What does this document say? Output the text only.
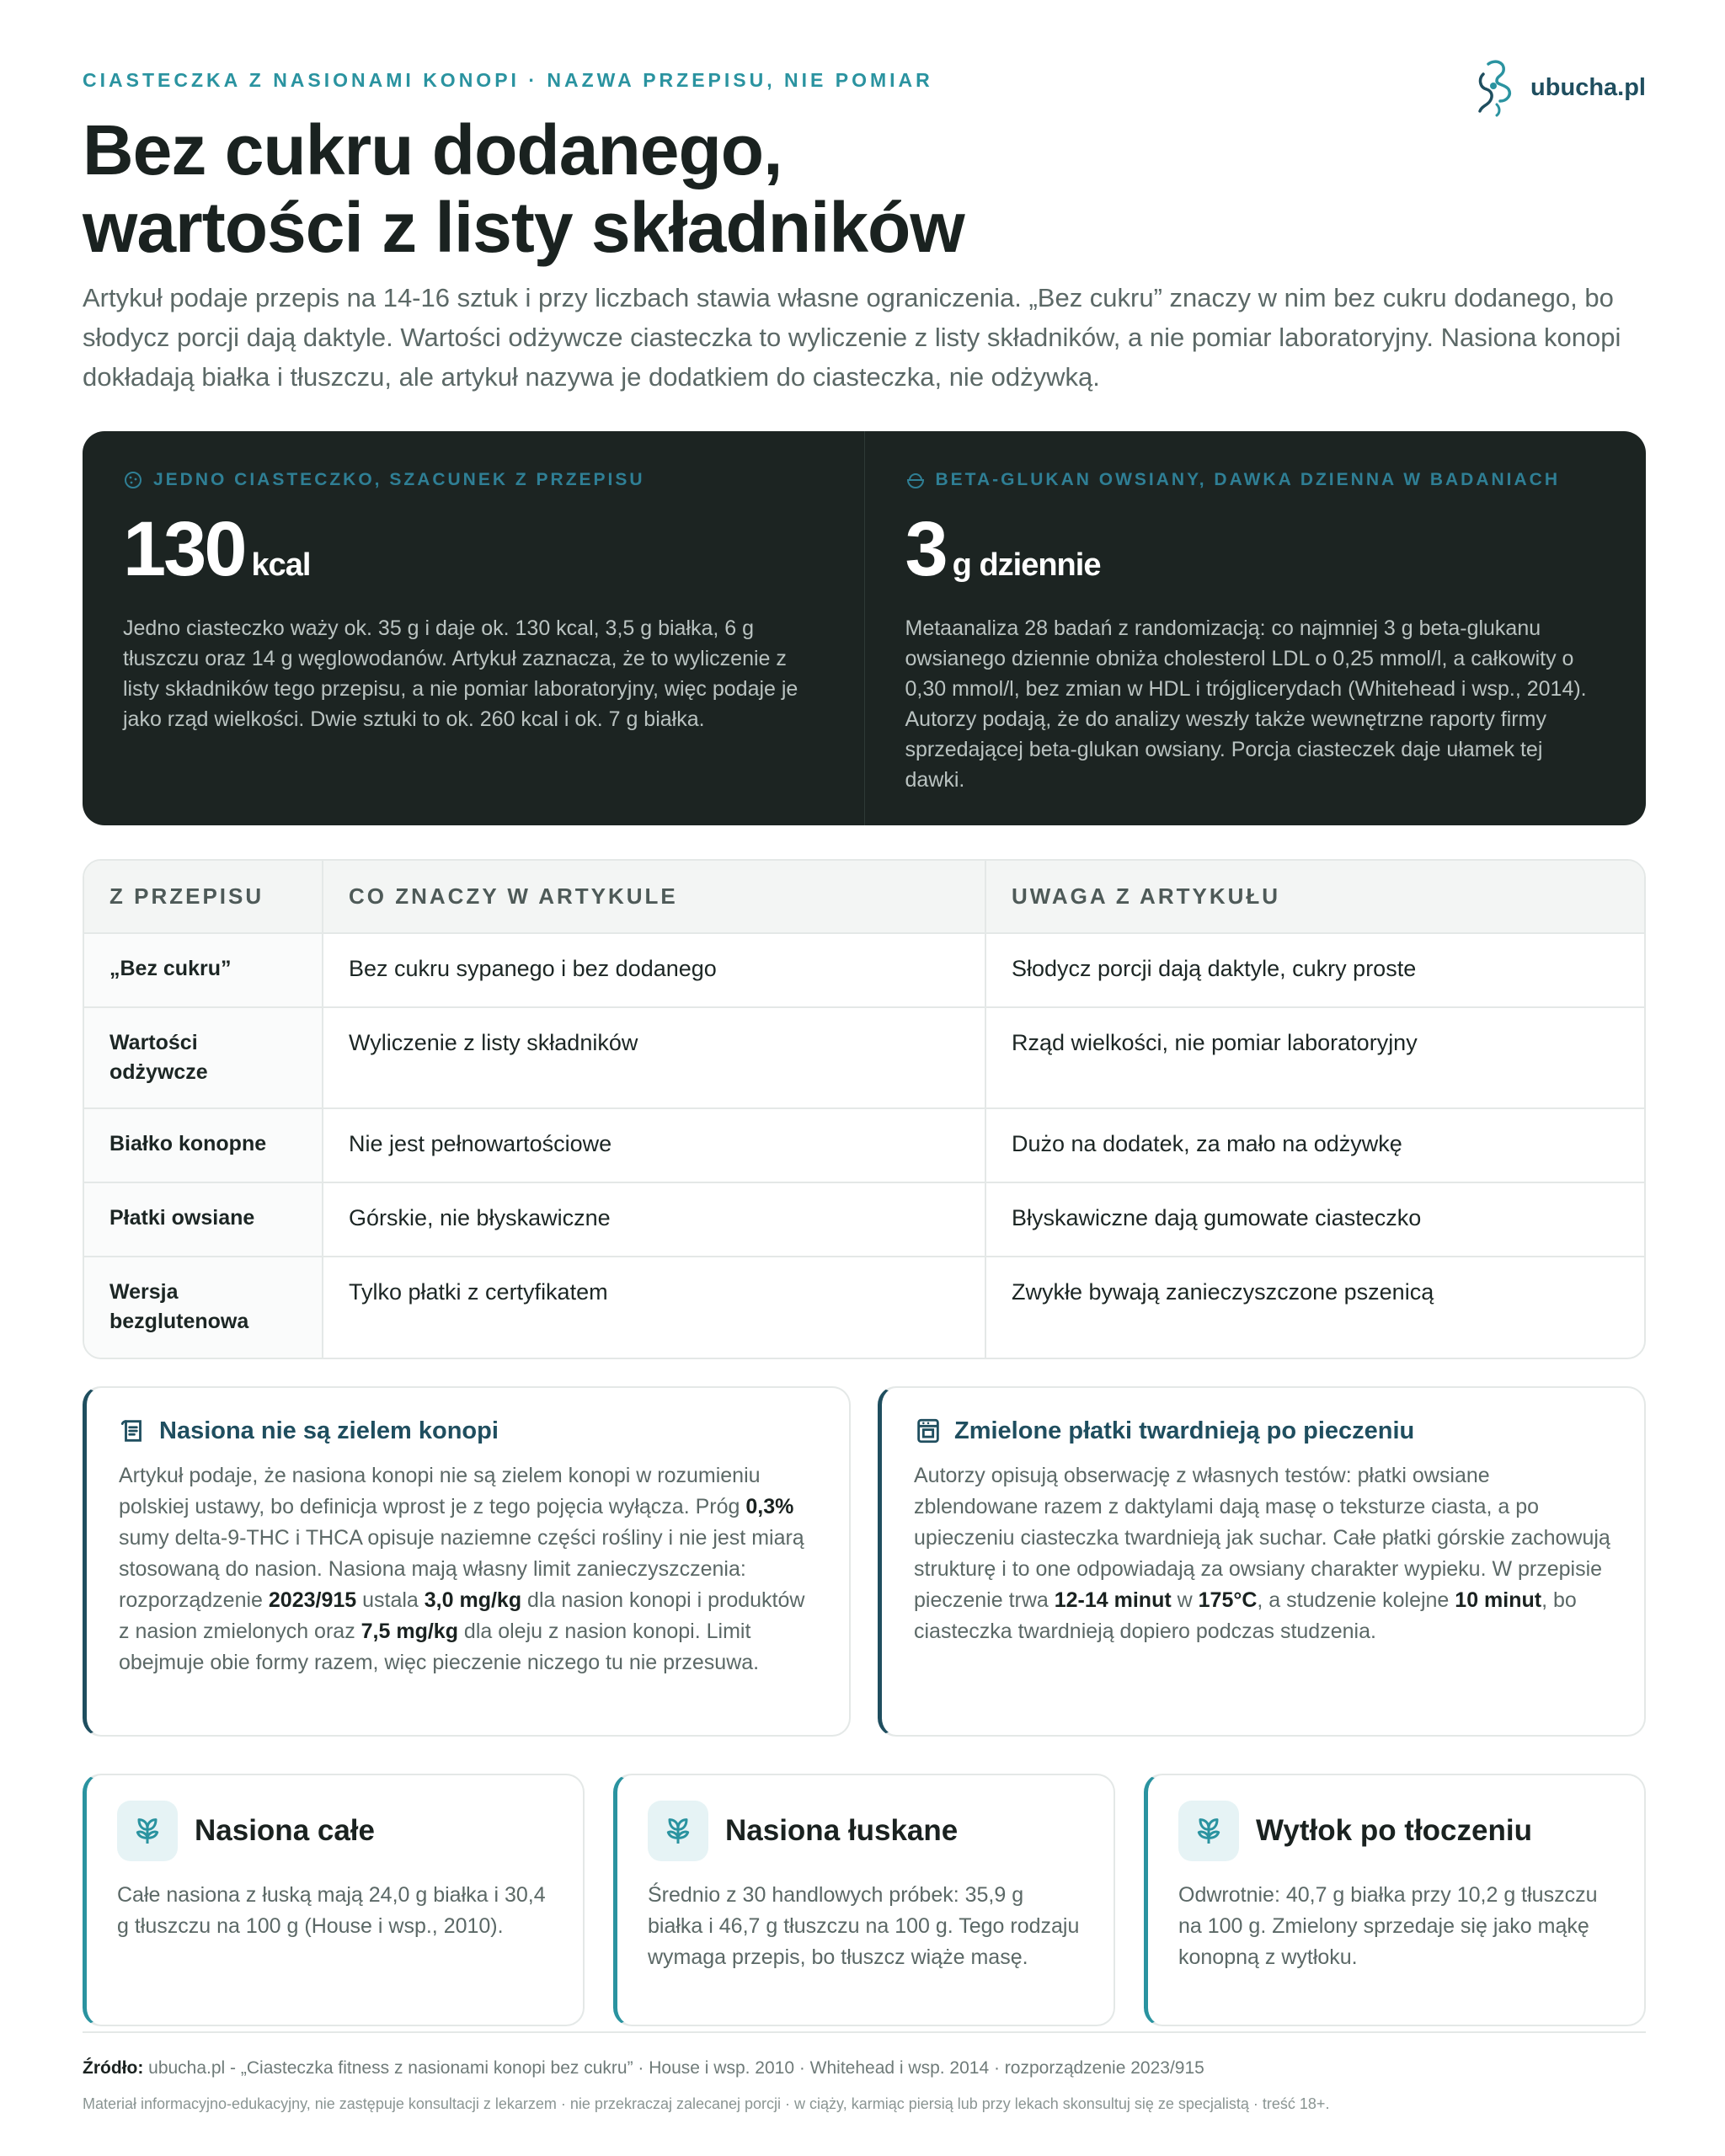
CIASTECZKA Z NASIONAMI KONOPI · NAZWA PRZEPISU, NIE POMIAR	ubucha.pl
Bez cukru dodanego,
wartości z listy składników

Artykuł podaje przepis na 14-16 sztuk i przy liczbach stawia własne ograniczenia. „Bez cukru” znaczy w nim bez cukru dodanego, bo słodycz porcji dają daktyle. Wartości odżywcze ciasteczka to wyliczenie z listy składników, a nie pomiar laboratoryjny. Nasiona konopi dokładają białka i tłuszczu, ale artykuł nazywa je dodatkiem do ciasteczka, nie odżywką.

JEDNO CIASTECZKO, SZACUNEK Z PRZEPISU
130 kcal

Jedno ciasteczko waży ok. 35 g i daje ok. 130 kcal, 3,5 g białka, 6 g tłuszczu oraz 14 g węglowodanów. Artykuł zaznacza, że to wyliczenie z listy składników tego przepisu, a nie pomiar laboratoryjny, więc podaje je jako rząd wielkości. Dwie sztuki to ok. 260 kcal i ok. 7 g białka.

BETA-GLUKAN OWSIANY, DAWKA DZIENNA W BADANIACH
3 g dziennie

Metaanaliza 28 badań z randomizacją: co najmniej 3 g beta-glukanu owsianego dziennie obniża cholesterol LDL o 0,25 mmol/l, a całkowity o 0,30 mmol/l, bez zmian w HDL i trójglicerydach (Whitehead i wsp., 2014). Autorzy podają, że do analizy weszły także wewnętrzne raporty firmy sprzedającej beta-glukan owsiany. Porcja ciasteczek daje ułamek tej dawki.

Z PRZEPISU	CO ZNACZY W ARTYKULE	UWAGA Z ARTYKUŁU
„Bez cukru”	Bez cukru sypanego i bez dodanego	Słodycz porcji dają daktyle, cukry proste
Wartości odżywcze	Wyliczenie z listy składników	Rząd wielkości, nie pomiar laboratoryjny
Białko konopne	Nie jest pełnowartościowe	Dużo na dodatek, za mało na odżywkę
Płatki owsiane	Górskie, nie błyskawiczne	Błyskawiczne dają gumowate ciasteczko
Wersja bezglutenowa	Tylko płatki z certyfikatem	Zwykłe bywają zanieczyszczone pszenicą
Nasiona nie są zielem konopi

Artykuł podaje, że nasiona konopi nie są zielem konopi w rozumieniu polskiej ustawy, bo definicja wprost je z tego pojęcia wyłącza. Próg 0,3% sumy delta-9-THC i THCA opisuje naziemne części rośliny i nie jest miarą stosowaną do nasion. Nasiona mają własny limit zanieczyszczenia: rozporządzenie 2023/915 ustala 3,0 mg/kg dla nasion konopi i produktów z nasion zmielonych oraz 7,5 mg/kg dla oleju z nasion konopi. Limit obejmuje obie formy razem, więc pieczenie niczego tu nie przesuwa.

Zmielone płatki twardnieją po pieczeniu

Autorzy opisują obserwację z własnych testów: płatki owsiane zblendowane razem z daktylami dają masę o teksturze ciasta, a po upieczeniu ciasteczka twardnieją jak suchar. Całe płatki górskie zachowują strukturę i to one odpowiadają za owsiany charakter wypieku. W przepisie pieczenie trwa 12-14 minut w 175°C, a studzenie kolejne 10 minut, bo ciasteczka twardnieją dopiero podczas studzenia.

Nasiona całe

Całe nasiona z łuską mają 24,0 g białka i 30,4 g tłuszczu na 100 g (House i wsp., 2010).

Nasiona łuskane

Średnio z 30 handlowych próbek: 35,9 g białka i 46,7 g tłuszczu na 100 g. Tego rodzaju wymaga przepis, bo tłuszcz wiąże masę.

Wytłok po tłoczeniu

Odwrotnie: 40,7 g białka przy 10,2 g tłuszczu na 100 g. Zmielony sprzedaje się jako mąkę konopną z wytłoku.

Źródło: ubucha.pl - „Ciasteczka fitness z nasionami konopi bez cukru” · House i wsp. 2010 · Whitehead i wsp. 2014 · rozporządzenie 2023/915

Materiał informacyjno-edukacyjny, nie zastępuje konsultacji z lekarzem · nie przekraczaj zalecanej porcji · w ciąży, karmiąc piersią lub przy lekach skonsultuj się ze specjalistą · treść 18+.
